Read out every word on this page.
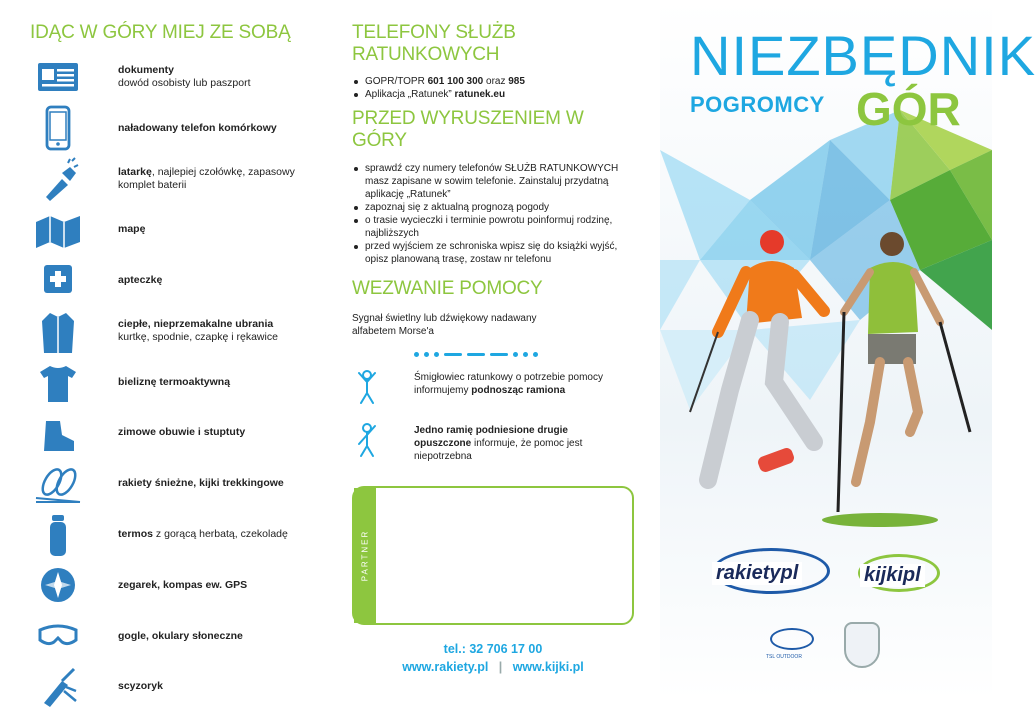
IDĄC W GÓRY MIEJ ZE SOBĄ
dokumenty
dowód osobisty lub paszport
naładowany telefon komórkowy
latarkę, najlepiej czołówkę, zapasowy komplet baterii
mapę
apteczkę
ciepłe, nieprzemakalne ubrania
kurtkę, spodnie, czapkę i rękawice
bieliznę termoaktywną
zimowe obuwie i stuptuty
rakiety śnieżne, kijki trekkingowe
termos z gorącą herbatą, czekoladę
zegarek, kompas ew. GPS
gogle, okulary słoneczne
scyzoryk
TELEFONY SŁUŻB RATUNKOWYCH
GOPR/TOPR 601 100 300 oraz 985
Aplikacja „Ratunek” ratunek.eu
PRZED WYRUSZENIEM W GÓRY
sprawdź czy numery telefonów SŁUŻB RATUNKOWYCH masz zapisane w sowim telefonie. Zainstaluj przydatną aplikację „Ratunek”
zapoznaj się z aktualną prognozą pogody
o trasie wycieczki i terminie powrotu poinformuj rodzinę, najbliższych
przed wyjściem ze schroniska wpisz się do książki wyjść, opisz planowaną trasę, zostaw nr telefonu
WEZWANIE POMOCY

Sygnał świetlny lub dźwiękowy nadawany alfabetem Morse'a

Śmigłowiec ratunkowy o potrzebie pomocy informujemy podnosząc ramiona

Jedno ramię podniesione drugie opuszczone informuje, że pomoc jest niepotrzebna

PARTNER
tel.: 32 706 17 00
www.rakiety.pl | www.kijki.pl
NIEZBĘDNIK
POGROMCY GÓR
rakietypl	kijkipl
TSL OUTDOOR
